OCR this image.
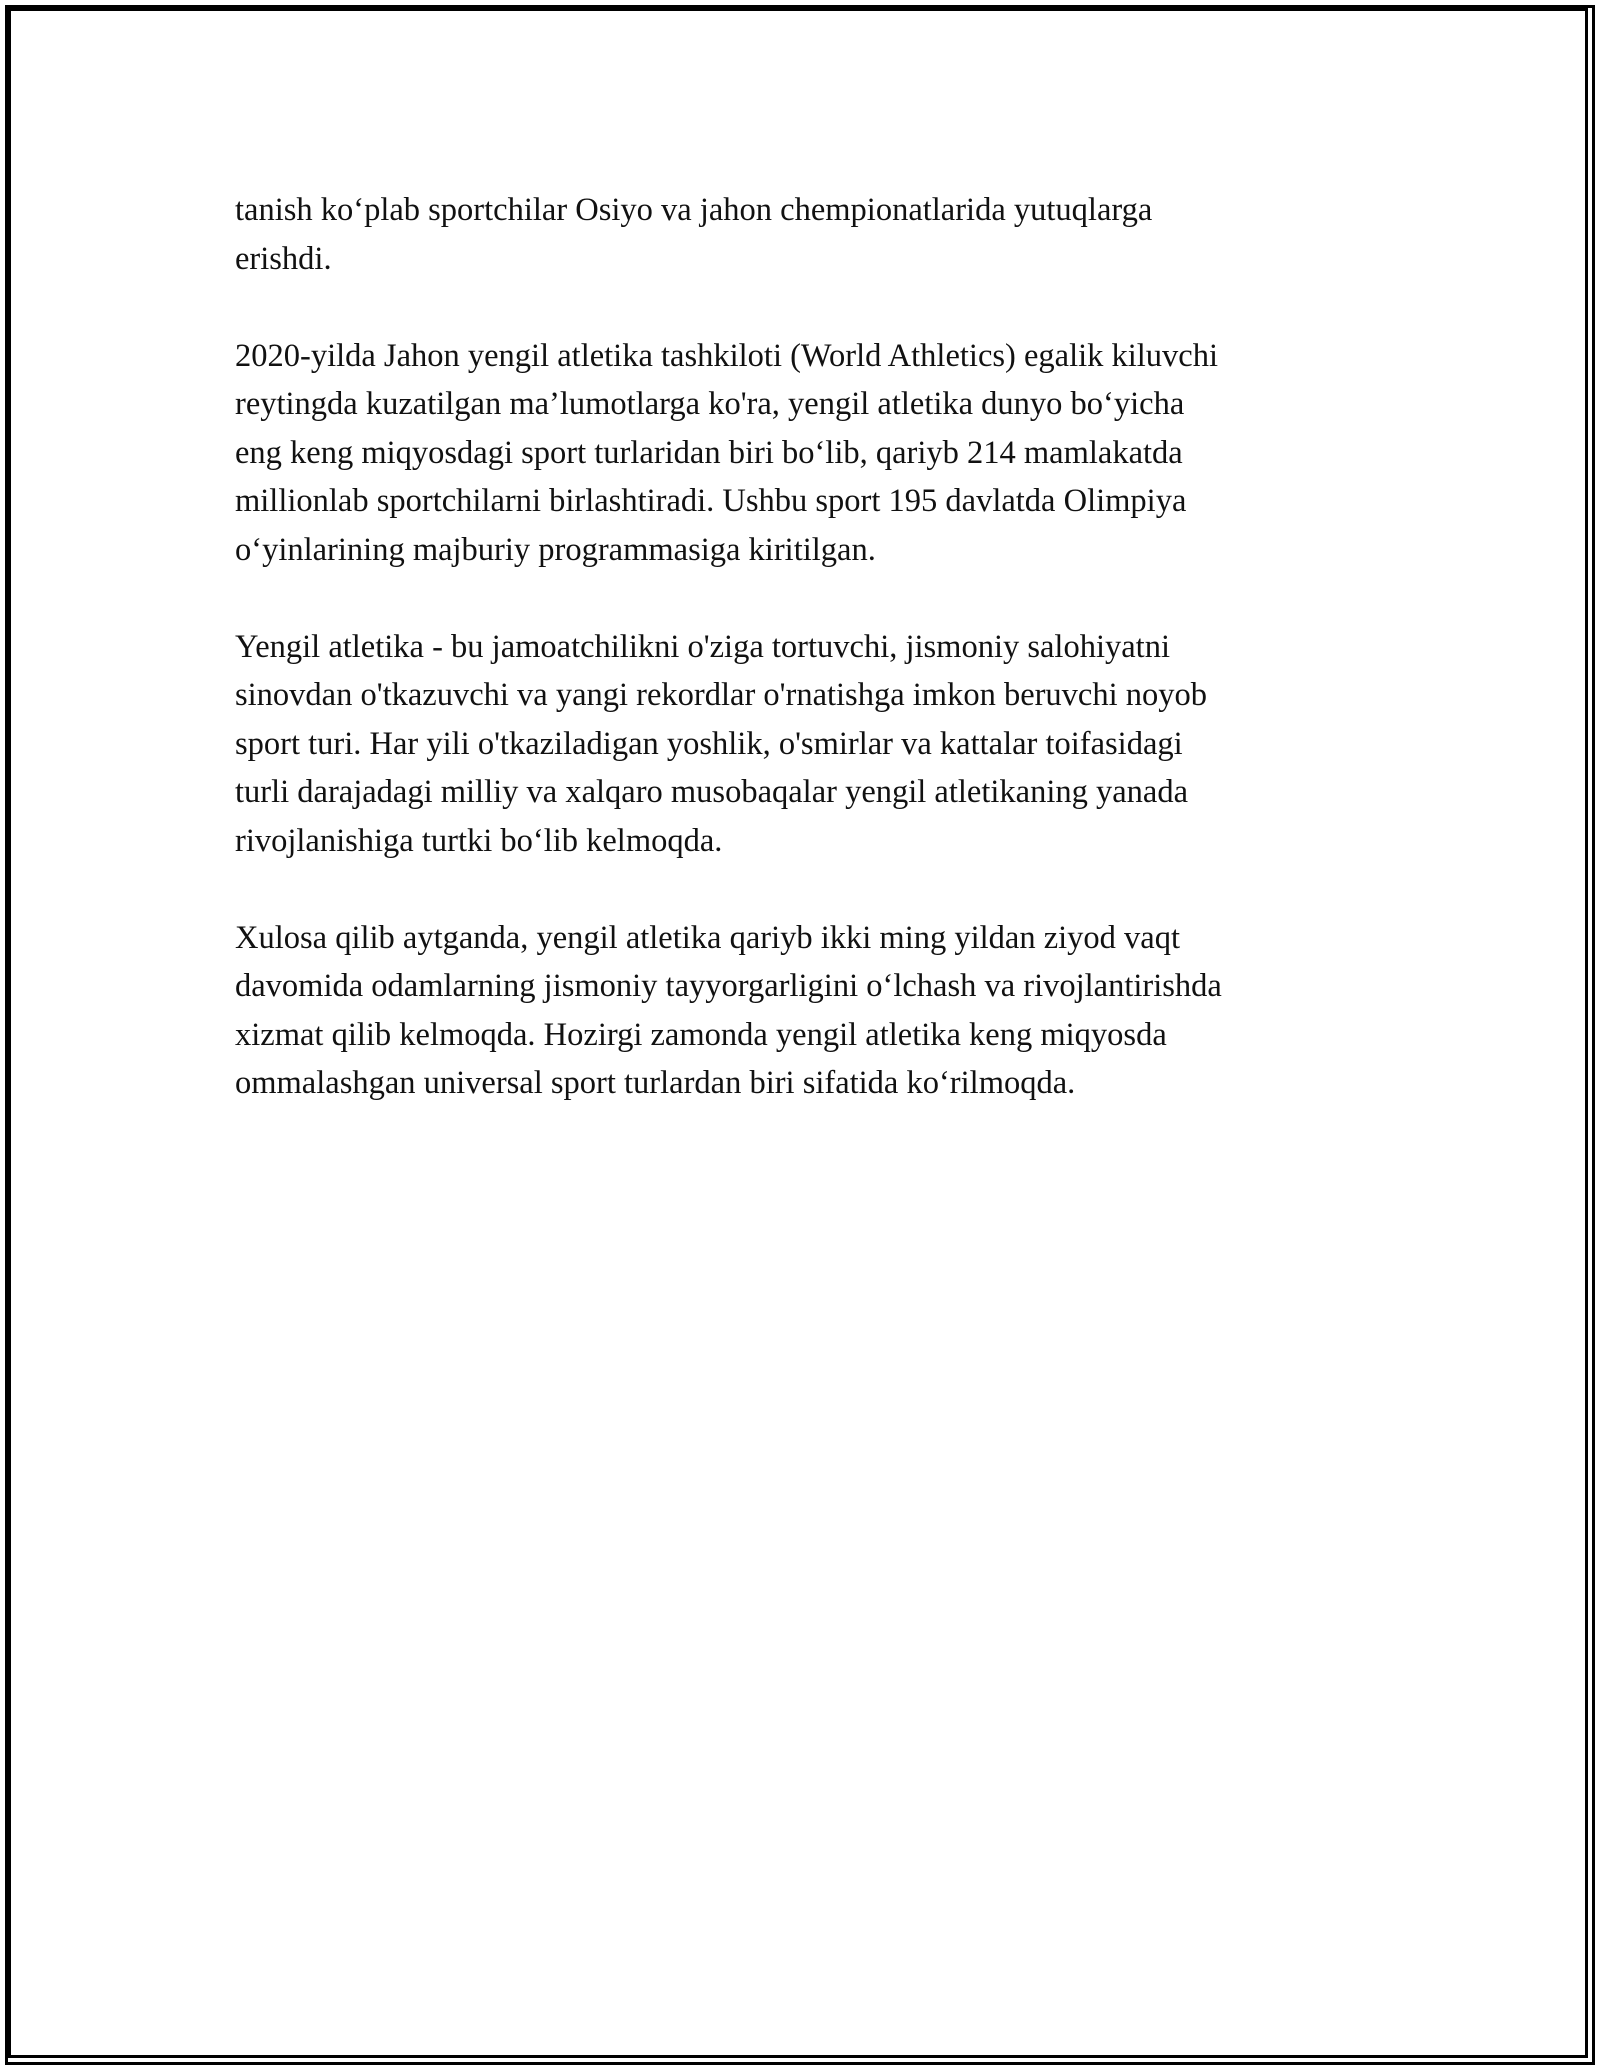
tanish ko‘plab sportchilar Osiyo va jahon chempionatlarida yutuqlarga
erishdi.

2020-yilda Jahon yengil atletika tashkiloti (World Athletics) egalik kiluvchi
reytingda kuzatilgan ma’lumotlarga ko'ra, yengil atletika dunyo bo‘yicha
eng keng miqyosdagi sport turlaridan biri bo‘lib, qariyb 214 mamlakatda
millionlab sportchilarni birlashtiradi. Ushbu sport 195 davlatda Olimpiya
o‘yinlarining majburiy programmasiga kiritilgan.

Yengil atletika - bu jamoatchilikni o'ziga tortuvchi, jismoniy salohiyatni
sinovdan o'tkazuvchi va yangi rekordlar o'rnatishga imkon beruvchi noyob
sport turi. Har yili o'tkaziladigan yoshlik, o'smirlar va kattalar toifasidagi
turli darajadagi milliy va xalqaro musobaqalar yengil atletikaning yanada
rivojlanishiga turtki bo‘lib kelmoqda.

Xulosa qilib aytganda, yengil atletika qariyb ikki ming yildan ziyod vaqt
davomida odamlarning jismoniy tayyorgarligini o‘lchash va rivojlantirishda
xizmat qilib kelmoqda. Hozirgi zamonda yengil atletika keng miqyosda
ommalashgan universal sport turlardan biri sifatida ko‘rilmoqda.
